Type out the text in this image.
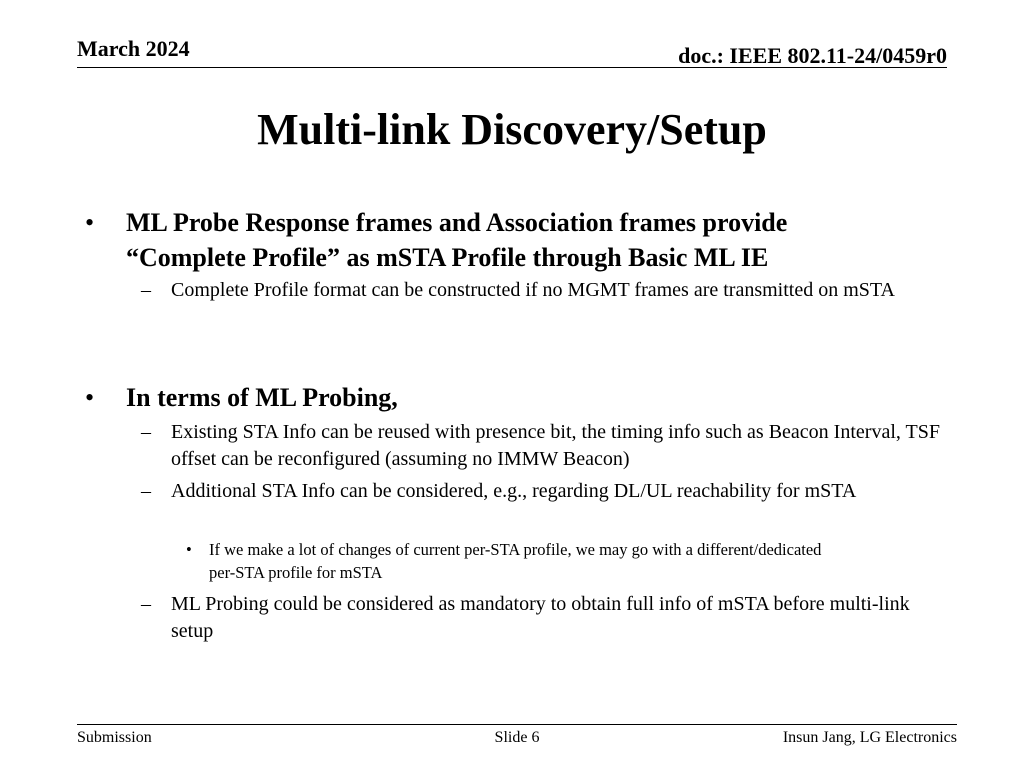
March 2024	doc.: IEEE 802.11-24/0459r0
Multi-link Discovery/Setup
• ML Probe Response frames and Association frames provide “Complete Profile” as mSTA Profile through Basic ML IE
– Complete Profile format can be constructed if no MGMT frames are transmitted on mSTA
• In terms of ML Probing,
– Existing STA Info can be reused with presence bit, the timing info such as Beacon Interval, TSF offset can be reconfigured (assuming no IMMW Beacon)
– Additional STA Info can be considered, e.g., regarding DL/UL reachability for mSTA
• If we make a lot of changes of current per-STA profile, we may go with a different/dedicated per-STA profile for mSTA
– ML Probing could be considered as mandatory to obtain full info of mSTA before multi-link setup
Submission	Slide 6	Insun Jang, LG Electronics
